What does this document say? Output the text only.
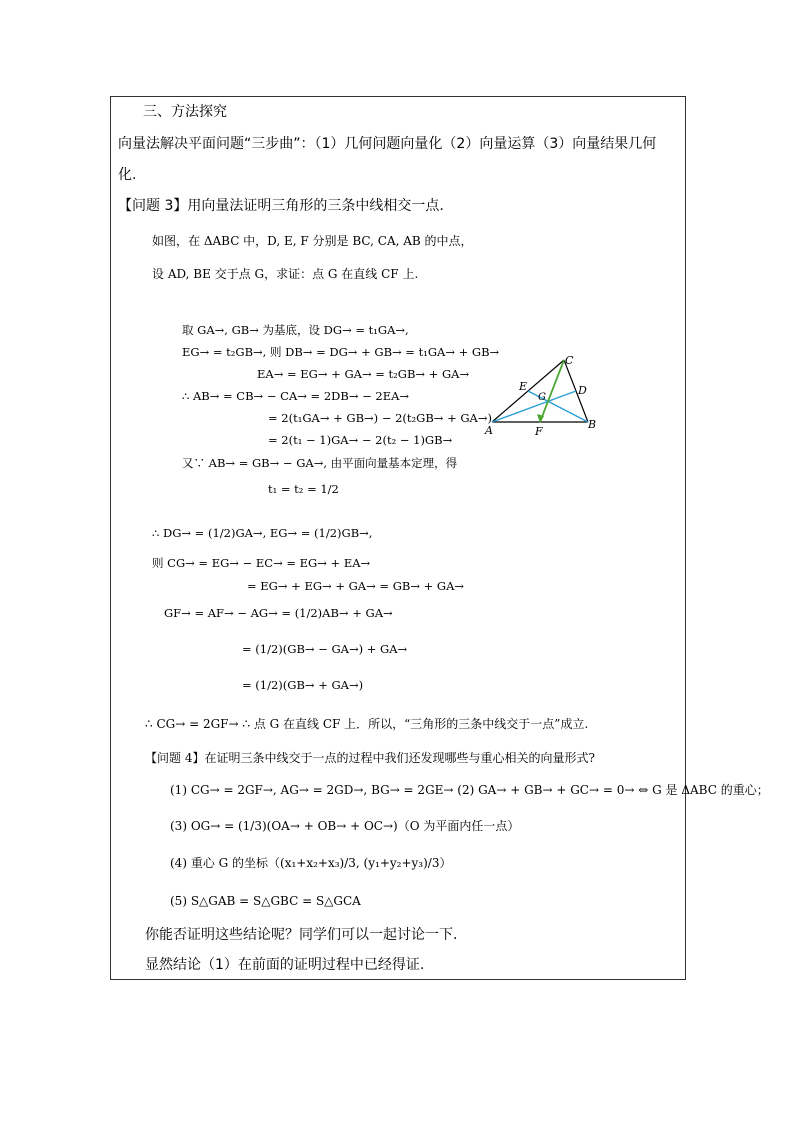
三、方法探究
向量法解决平面问题“三步曲”：（1）几何问题向量化（2）向量运算（3）向量结果几何
化.
【问题 3】用向量法证明三角形的三条中线相交一点.
如图，在 ΔABC 中，D, E, F 分别是 BC, CA, AB 的中点，
设 AD, BE 交于点 G，求证：点 G 在直线 CF 上.
取 GA→, GB→ 为基底，设 DG→ = t₁GA→,
EG→ = t₂GB→, 则 DB→ = DG→ + GB→ = t₁GA→ + GB→
EA→ = EG→ + GA→ = t₂GB→ + GA→
∴ AB→ = CB→ − CA→ = 2DB→ − 2EA→
= 2(t₁GA→ + GB→) − 2(t₂GB→ + GA→)
= 2(t₁ − 1)GA→ − 2(t₂ − 1)GB→
又∵ AB→ = GB→ − GA→, 由平面向量基本定理，得
t₁ = t₂ = 1/2
∴ DG→ = (1/2)GA→, EG→ = (1/2)GB→,
则 CG→ = EG→ − EC→ = EG→ + EA→
= EG→ + EG→ + GA→ = GB→ + GA→
GF→ = AF→ − AG→ = (1/2)AB→ + GA→
= (1/2)(GB→ − GA→) + GA→
= (1/2)(GB→ + GA→)
∴ CG→ = 2GF→ ∴ 点 G 在直线 CF 上．所以，“三角形的三条中线交于一点”成立.
C
D
E
G
A	B
F
【问题 4】在证明三条中线交于一点的过程中我们还发现哪些与重心相关的向量形式?
(1) CG→ = 2GF→, AG→ = 2GD→, BG→ = 2GE→ (2) GA→ + GB→ + GC→ = 0→ ⇔ G 是 ΔABC 的重心；
(3) OG→ = (1/3)(OA→ + OB→ + OC→)（O 为平面内任一点）
(4) 重心 G 的坐标（(x₁+x₂+x₃)/3, (y₁+y₂+y₃)/3）
(5) S△GAB = S△GBC = S△GCA
你能否证明这些结论呢？同学们可以一起讨论一下.
显然结论（1）在前面的证明过程中已经得证.
